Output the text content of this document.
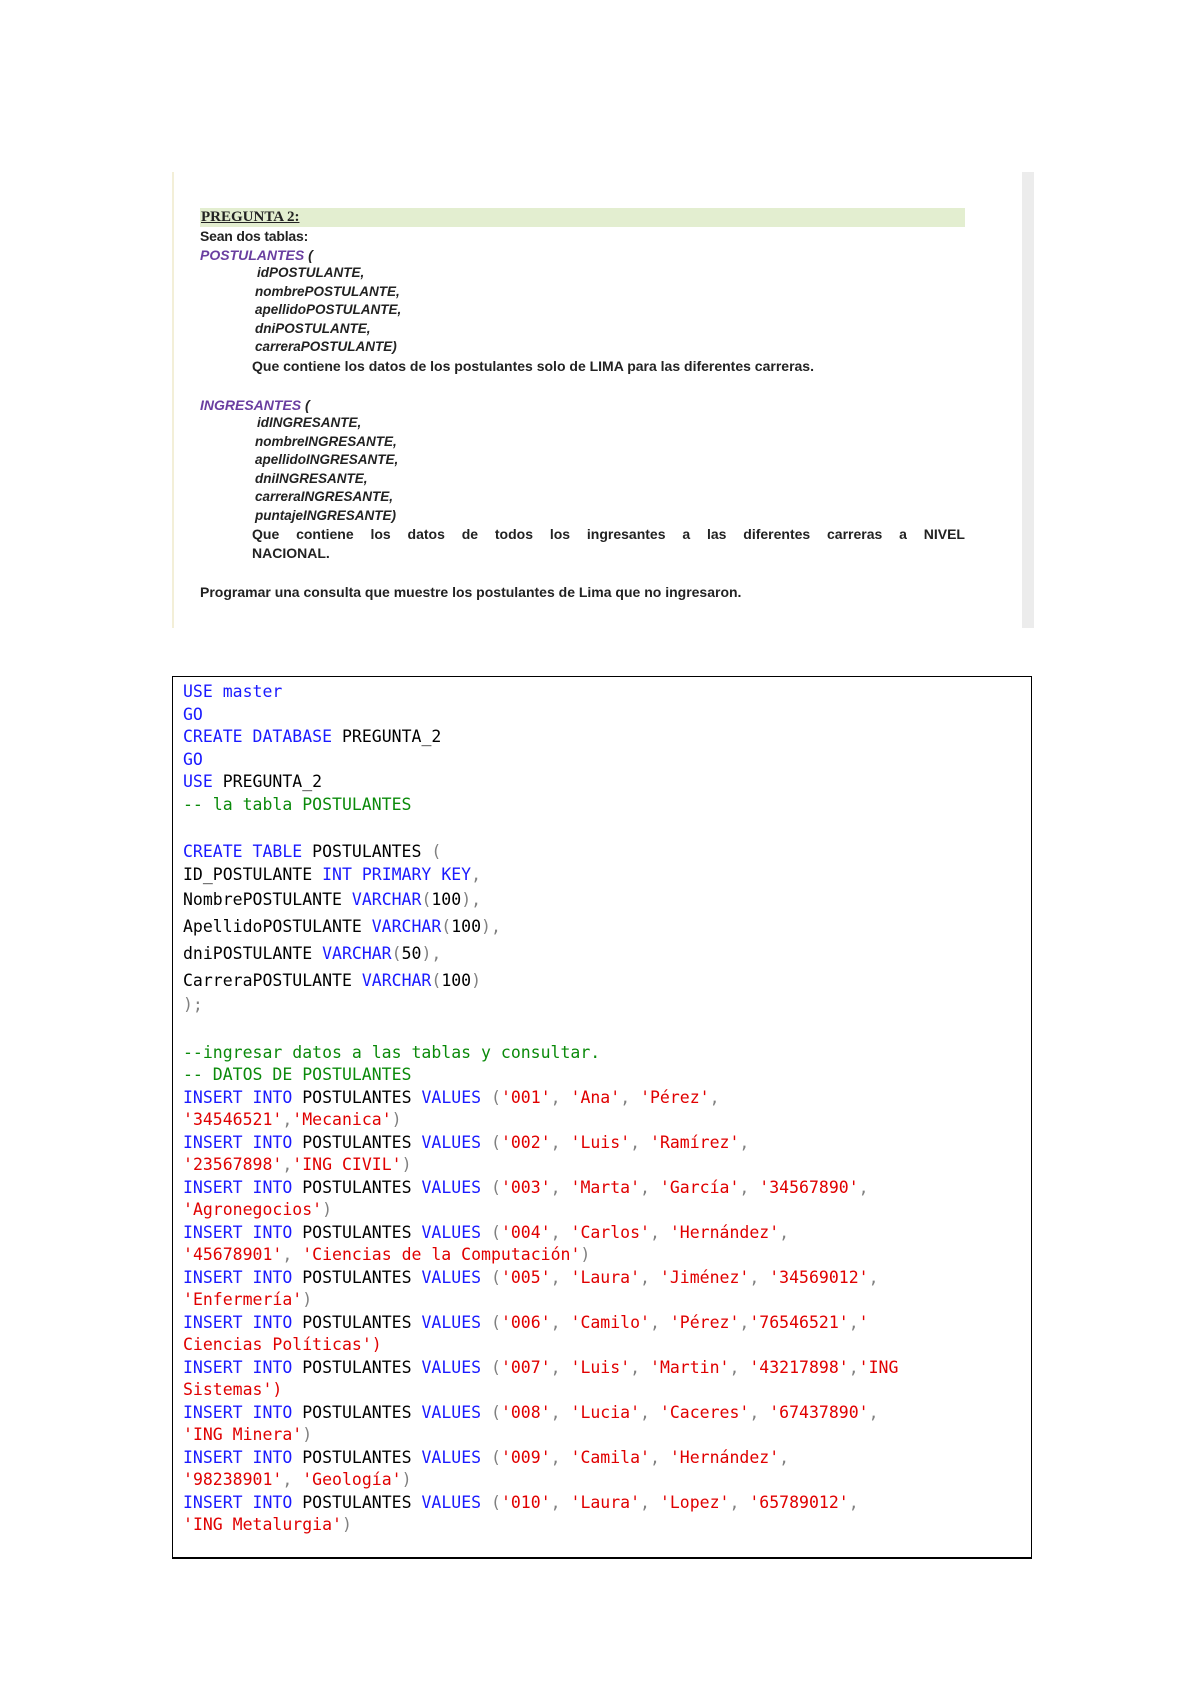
PREGUNTA 2:
Sean dos tablas:
POSTULANTES (
idPOSTULANTE,
nombrePOSTULANTE,
apellidoPOSTULANTE,
dniPOSTULANTE,
carreraPOSTULANTE)
Que contiene los datos de los postulantes solo de LIMA para las diferentes carreras.
INGRESANTES (
idINGRESANTE,
nombreINGRESANTE,
apellidoINGRESANTE,
dniINGRESANTE,
carreraINGRESANTE,
puntajeINGRESANTE)
Que contiene los datos de todos los ingresantes a las diferentes carreras a NIVEL
NACIONAL.
Programar una consulta que muestre los postulantes de Lima que no ingresaron.
USE master
GO
CREATE DATABASE PREGUNTA_2
GO
USE PREGUNTA_2
-- la tabla POSTULANTES
CREATE TABLE POSTULANTES (
ID_POSTULANTE INT PRIMARY KEY,
NombrePOSTULANTE VARCHAR(100),
ApellidoPOSTULANTE VARCHAR(100),
dniPOSTULANTE VARCHAR(50),
CarreraPOSTULANTE VARCHAR(100)
);
--ingresar datos a las tablas y consultar.
-- DATOS DE POSTULANTES
INSERT INTO POSTULANTES VALUES ('001', 'Ana', 'Pérez',
'34546521','Mecanica')
INSERT INTO POSTULANTES VALUES ('002', 'Luis', 'Ramírez',
'23567898','ING CIVIL')
INSERT INTO POSTULANTES VALUES ('003', 'Marta', 'García', '34567890',
'Agronegocios')
INSERT INTO POSTULANTES VALUES ('004', 'Carlos', 'Hernández',
'45678901', 'Ciencias de la Computación')
INSERT INTO POSTULANTES VALUES ('005', 'Laura', 'Jiménez', '34569012',
'Enfermería')
INSERT INTO POSTULANTES VALUES ('006', 'Camilo', 'Pérez','76546521','
Ciencias Políticas')
INSERT INTO POSTULANTES VALUES ('007', 'Luis', 'Martin', '43217898','ING
Sistemas')
INSERT INTO POSTULANTES VALUES ('008', 'Lucia', 'Caceres', '67437890',
'ING Minera')
INSERT INTO POSTULANTES VALUES ('009', 'Camila', 'Hernández',
'98238901', 'Geología')
INSERT INTO POSTULANTES VALUES ('010', 'Laura', 'Lopez', '65789012',
'ING Metalurgia')
